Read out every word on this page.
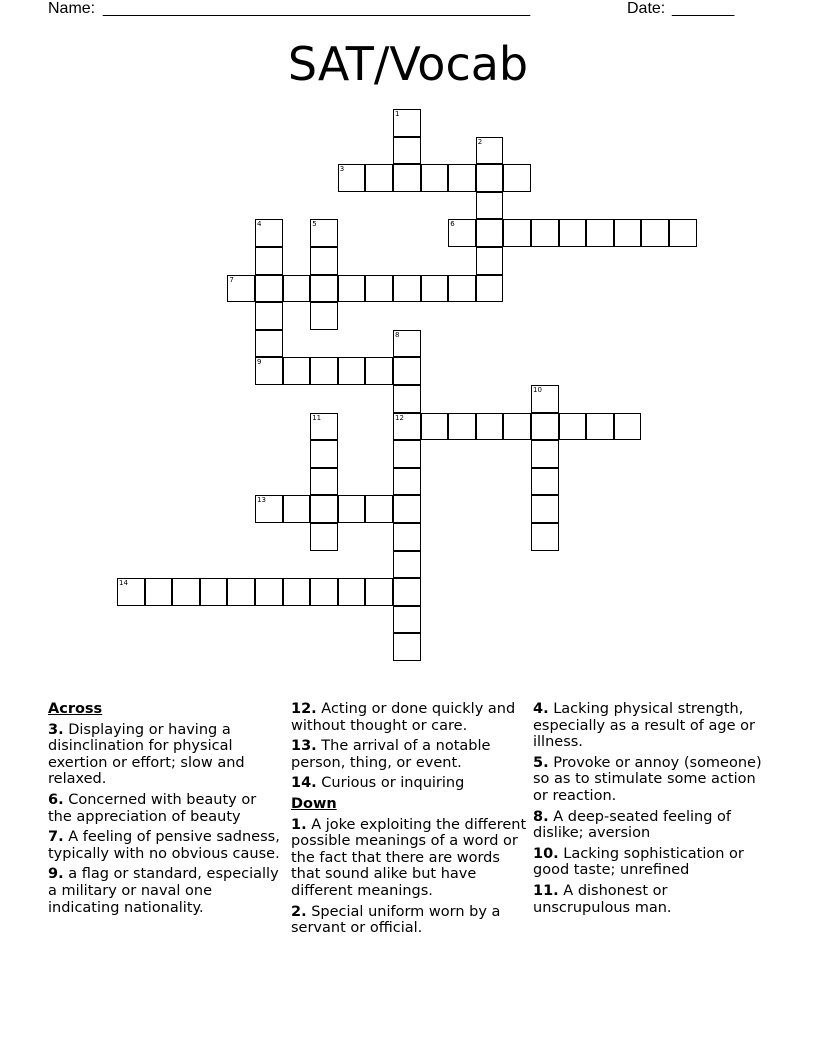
Name: ________________________________________________	Date: _______
SAT/Vocab
1
2
3
4	5	6
7
8
9
10
11	12
13
14
Across
3. Displaying or having a disinclination for physical exertion or effort; slow and relaxed.
6. Concerned with beauty or the appreciation of beauty
7. A feeling of pensive sadness, typically with no obvious cause.
9. a flag or standard, especially a military or naval one indicating nationality.
12. Acting or done quickly and without thought or care.
13. The arrival of a notable person, thing, or event.
14. Curious or inquiring
Down
1. A joke exploiting the different possible meanings of a word or the fact that there are words that sound alike but have different meanings.
2. Special uniform worn by a servant or official.
4. Lacking physical strength, especially as a result of age or illness.
5. Provoke or annoy (someone) so as to stimulate some action or reaction.
8. A deep-seated feeling of dislike; aversion
10. Lacking sophistication or good taste; unrefined
11. A dishonest or unscrupulous man.
